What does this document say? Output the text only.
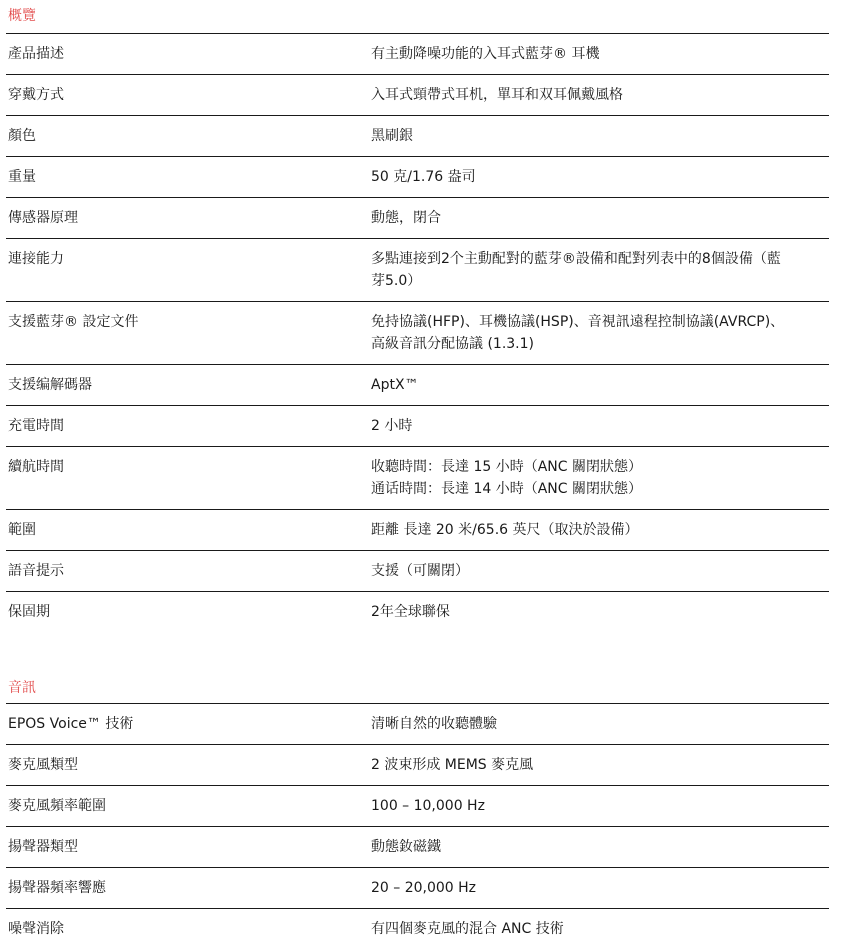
概覽
產品描述	有主動降噪功能的入耳式藍芽® 耳機

穿戴方式	入耳式頸帶式耳机，單耳和双耳佩戴風格

顏色	黑刷銀

重量	50 克/1.76 盎司

傳感器原理	動態，閉合

連接能力	多點連接到2个主動配對的藍芽®設備和配對列表中的8個設備（藍
芽5.0）

支援藍芽® 設定文件	免持協議(HFP)、耳機協議(HSP)、音視訊遠程控制協議(AVRCP)、
高級音訊分配協議 (1.3.1)

支援编解碼器	AptX™

充電時間	2 小時

續航時間	收聽時間：長達 15 小時（ANC 關閉狀態）
通话時間：長達 14 小時（ANC 關閉狀態）

範圍	距離 長達 20 米/65.6 英尺（取決於設備）

語音提示	支援（可關閉）

保固期	2年全球聯保
音訊
EPOS Voice™ 技術	清晰自然的收聽體驗

麥克風類型	2 波束形成 MEMS 麥克風

麥克風頻率範圍	100 – 10,000 Hz

揚聲器類型	動態釹磁鐵

揚聲器頻率響應	20 – 20,000 Hz

噪聲消除	有四個麥克風的混合 ANC 技術
